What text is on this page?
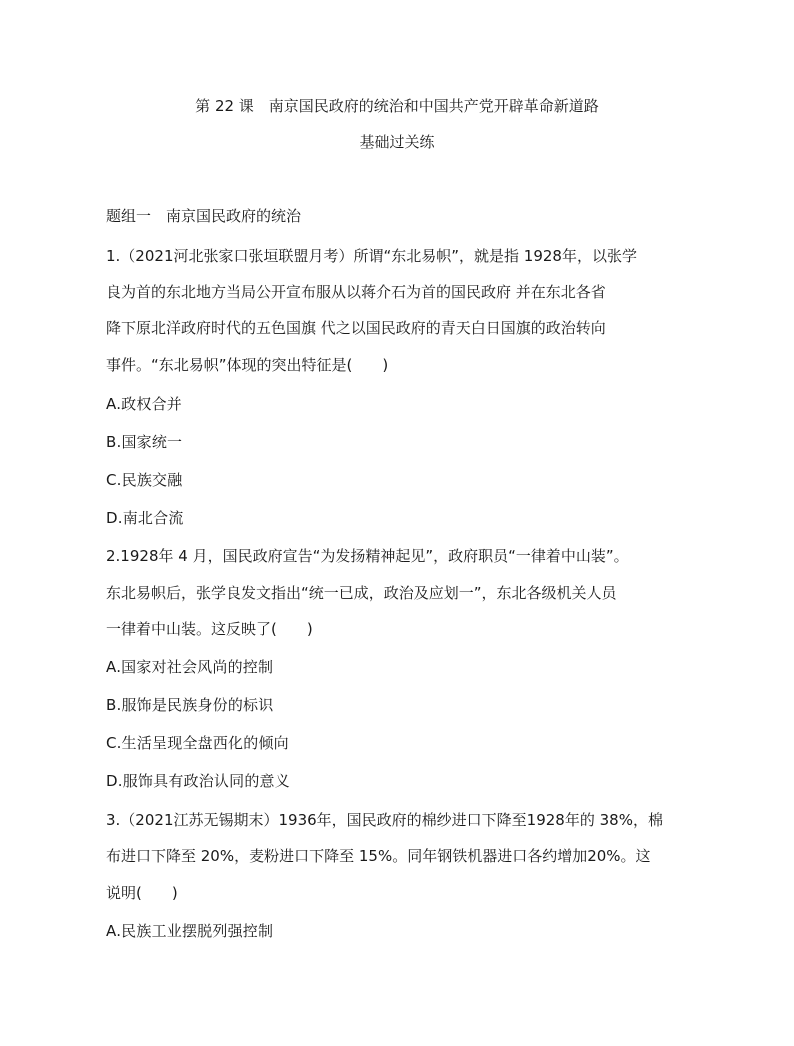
第 22 课　南京国民政府的统治和中国共产党开辟革命新道路
基础过关练
题组一　南京国民政府的统治
1.（2021河北张家口张垣联盟月考）所谓“东北易帜”，就是指 1928年，以张学
良为首的东北地方当局公开宣布服从以蒋介石为首的国民政府 并在东北各省
降下原北洋政府时代的五色国旗 代之以国民政府的青天白日国旗的政治转向
事件。“东北易帜”体现的突出特征是(　　)
A.政权合并
B.国家统一
C.民族交融
D.南北合流
2.1928年 4 月，国民政府宣告“为发扬精神起见”，政府职员“一律着中山装”。
东北易帜后，张学良发文指出“统一已成，政治及应划一”，东北各级机关人员
一律着中山装。这反映了(　　)
A.国家对社会风尚的控制
B.服饰是民族身份的标识
C.生活呈现全盘西化的倾向
D.服饰具有政治认同的意义
3.（2021江苏无锡期末）1936年，国民政府的棉纱进口下降至1928年的 38%，棉
布进口下降至 20%，麦粉进口下降至 15%。同年钢铁机器进口各约增加20%。这
说明(　　)
A.民族工业摆脱列强控制
